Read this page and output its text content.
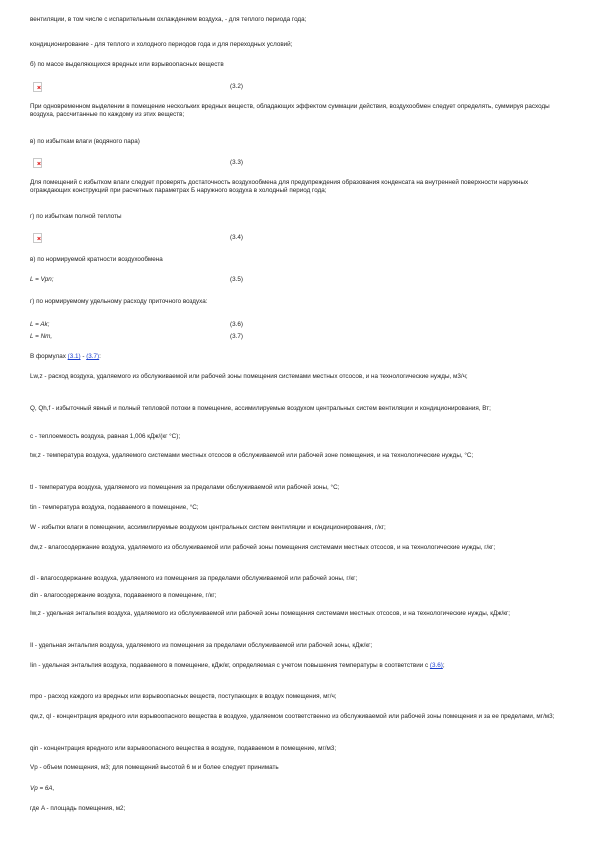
вентиляции, в том числе с испарительным охлаждением воздуха, - для теплого периода года;

кондиционирование - для теплого и холодного периодов года и для переходных условий;

б) по массе выделяющихся вредных или взрывоопасных веществ

(3.2)

При одновременном выделении в помещение нескольких вредных веществ, обладающих эффектом суммации действия, воздухообмен следует определять, суммируя расходы воздуха, рассчитанные по каждому из этих веществ;

в) по избыткам влаги (водяного пара)

(3.3)

Для помещений с избытком влаги следует проверять достаточность воздухообмена для предупреждения образования конденсата на внутренней поверхности наружных ограждающих конструкций при расчетных параметрах Б наружного воздуха в холодный период года;

г) по избыткам полной теплоты

(3.4)

в) по нормируемой кратности воздухообмена

L = Vpn;	(3.5)

г) по нормируемому удельному расходу приточного воздуха:

L = Ak;	(3.6)
L = Nm,	(3.7)

В формулах (3.1) - (3.7):

Lw,z - расход воздуха, удаляемого из обслуживаемой или рабочей зоны помещения системами местных отсосов, и на технологические нужды, м3/ч;

Q, Qh,f - избыточный явный и полный тепловой потоки в помещение, ассимилируемые воздухом центральных систем вентиляции и кондиционирования, Вт;

c - теплоемкость воздуха, равная 1,006 кДж/(кг °С);

tw,z - температура воздуха, удаляемого системами местных отсосов в обслуживаемой или рабочей зоне помещения, и на технологические нужды, °С;

tl - температура воздуха, удаляемого из помещения за пределами обслуживаемой или рабочей зоны, °С;

tin - температура воздуха, подаваемого в помещение, °С;

W - избытки влаги в помещении, ассимилируемые воздухом центральных систем вентиляции и кондиционирования, г/кг;

dw,z - влагосодержание воздуха, удаляемого из обслуживаемой или рабочей зоны помещения системами местных отсосов, и на технологические нужды, г/кг;

dl - влагосодержание воздуха, удаляемого из помещения за пределами обслуживаемой или рабочей зоны, г/кг;

din - влагосодержание воздуха, подаваемого в помещение, г/кг;

Iw,z - удельная энтальпия воздуха, удаляемого из обслуживаемой или рабочей зоны помещения системами местных отсосов, и на технологические нужды, кДж/кг;

Il - удельная энтальпия воздуха, удаляемого из помещения за пределами обслуживаемой или рабочей зоны, кДж/кг;

Iin - удельная энтальпия воздуха, подаваемого в помещение, кДж/кг, определяемая с учетом повышения температуры в соответствии с (3.6);

mpo - расход каждого из вредных или взрывоопасных веществ, поступающих в воздух помещения, мг/ч;

qw,z, ql - концентрация вредного или взрывоопасного вещества в воздухе, удаляемом соответственно из обслуживаемой или рабочей зоны помещения и за ее пределами, мг/м3;

qin - концентрация вредного или взрывоопасного вещества в воздухе, подаваемом в помещение, мг/м3;

Vp - объем помещения, м3; для помещений высотой 6 м и более следует принимать

Vp = 6A,

где A - площадь помещения, м2;
